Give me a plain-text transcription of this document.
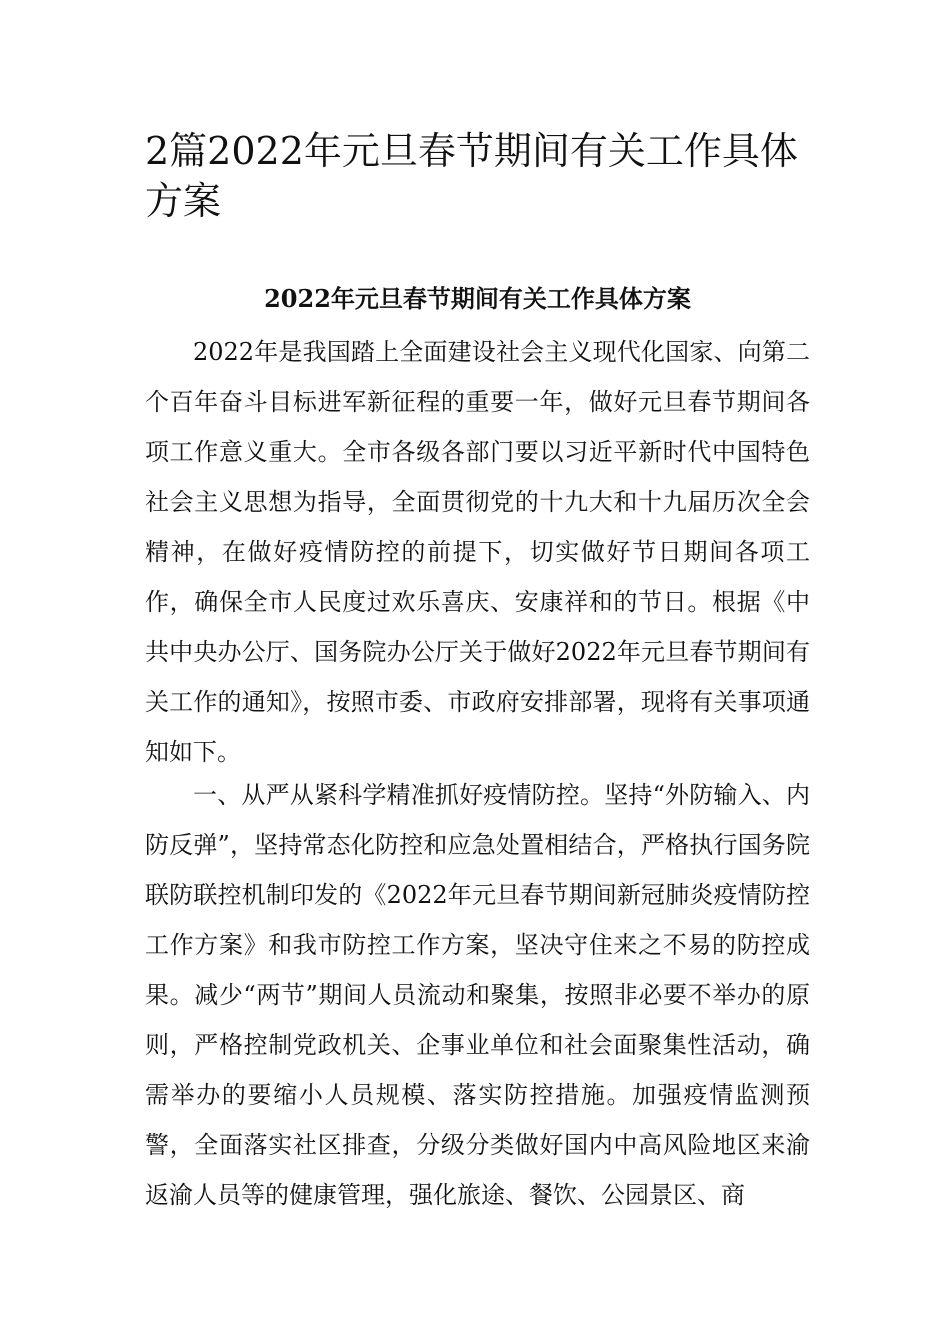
2篇2022年元旦春节期间有关工作具体方案
2022年元旦春节期间有关工作具体方案

2022年是我国踏上全面建设社会主义现代化国家、向第二个百年奋斗目标进军新征程的重要一年，做好元旦春节期间各项工作意义重大。全市各级各部门要以习近平新时代中国特色社会主义思想为指导，全面贯彻党的十九大和十九届历次全会精神，在做好疫情防控的前提下，切实做好节日期间各项工作，确保全市人民度过欢乐喜庆、安康祥和的节日。根据《中共中央办公厅、国务院办公厅关于做好2022年元旦春节期间有关工作的通知》，按照市委、市政府安排部署，现将有关事项通知如下。

一、从严从紧科学精准抓好疫情防控。坚持“外防输入、内防反弹”，坚持常态化防控和应急处置相结合，严格执行国务院联防联控机制印发的《2022年元旦春节期间新冠肺炎疫情防控工作方案》和我市防控工作方案，坚决守住来之不易的防控成果。减少“两节”期间人员流动和聚集，按照非必要不举办的原则，严格控制党政机关、企事业单位和社会面聚集性活动，确需举办的要缩小人员规模、落实防控措施。加强疫情监测预警，全面落实社区排查，分级分类做好国内中高风险地区来渝返渝人员等的健康管理，强化旅途、餐饮、公园景区、商
